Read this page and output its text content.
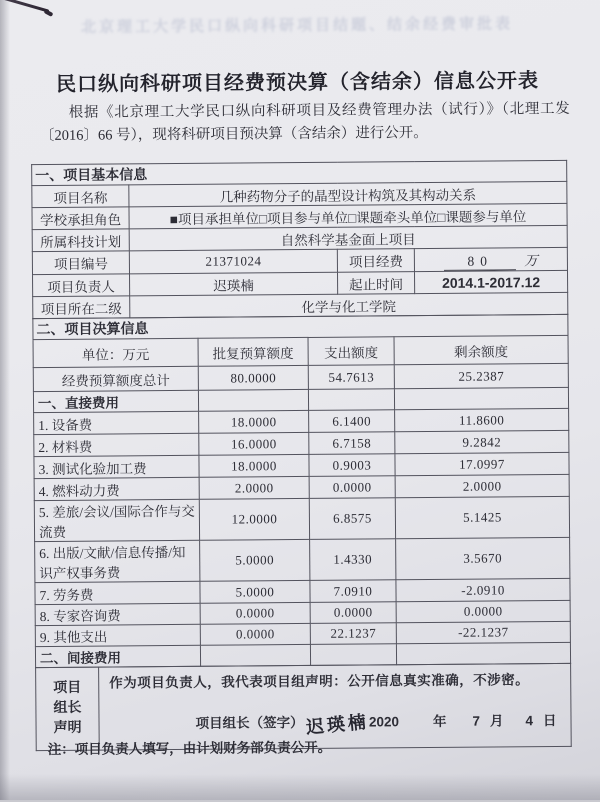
北京理工大学民口纵向科研项目结题、结余经费审批表
民口纵向科研项目经费预决算（含结余）信息公开表
根据《北京理工大学民口纵向科研项目及经费管理办法（试行）》（北理工发〔2016〕66 号），现将科研项目预决算（含结余）进行公开。
一、项目基本信息			
项目名称	几种药物分子的晶型设计构筑及其构动关系		
学校承担角色	■项目承担单位□项目参与单位□课题牵头单位□课题参与单位		
所属科技计划	自然科学基金面上项目		
项目编号	21371024	项目经费	80 万
项目负责人	迟瑛楠	起止时间	2014.1-2017.12
项目所在二级	化学与化工学院		
二、项目决算信息			
单位：万元	批复预算额度	支出额度	剩余额度
经费预算额度总计	80.0000	54.7613	25.2387
一、直接费用			
1. 设备费	18.0000	6.1400	11.8600
2. 材料费	16.0000	6.7158	9.2842
3. 测试化验加工费	18.0000	0.9003	17.0997
4. 燃料动力费	2.0000	0.0000	2.0000
5. 差旅/会议/国际合作与交流费	12.0000	6.8575	5.1425
6. 出版/文献/信息传播/知识产权事务费	5.0000	1.4330	3.5670
7. 劳务费	5.0000	7.0910	-2.0910
8. 专家咨询费	0.0000	0.0000	0.0000
9. 其他支出	0.0000	22.1237	-22.1237
二、间接费用			
项目
组长
声明

作为项目负责人，我代表项目组声明：公开信息真实准确，不涉密。
项目组长（签字） 迟瑛楠 2020	年 7 月 4 日
注：项目负责人填写，由计划财务部负责公开。
